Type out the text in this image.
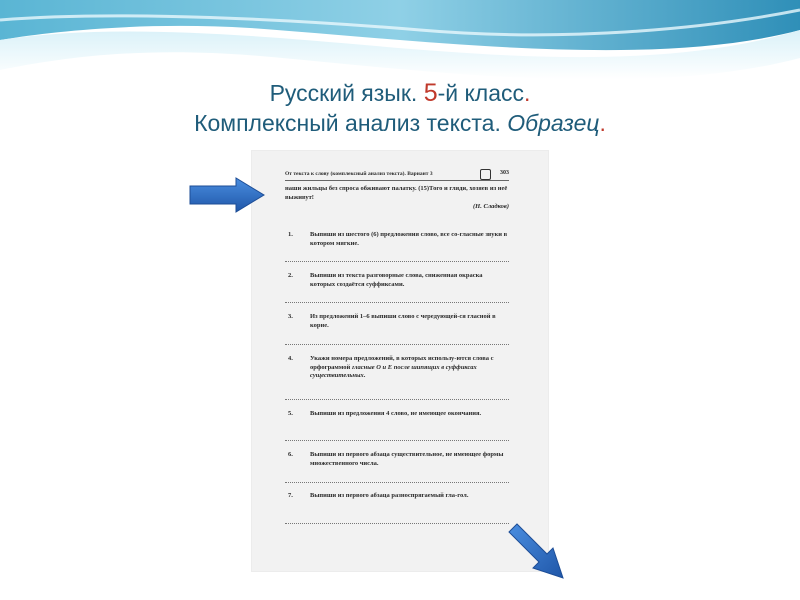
Русский язык. 5-й класс.
Комплексный анализ текста. Образец.
От текста к слову (комплексный анализ текста). Вариант 3	303
наши жильцы без спроса обживают палатку. (15)Того и гляди, хозяев из неё выживут!
(Н. Сладков)
1.	Выпиши из шестого (6) предложения слово, все со-гласные звуки в котором мягкие.
2.	Выпиши из текста разговорные слова, сниженная окраска которых создаётся суффиксами.
3.	Из предложений 1–6 выпиши слово с чередующей-ся гласной в корне.
4.	Укажи номера предложений, в которых использу-ются слова с орфограммой гласные О и Е после шипящих в суффиксах существительных.
5.	Выпиши из предложения 4 слово, не имеющее окончания.
6.	Выпиши из первого абзаца существительное, не имеющее формы множественного числа.
7.	Выпиши из первого абзаца разноспрягаемый гла-гол.
